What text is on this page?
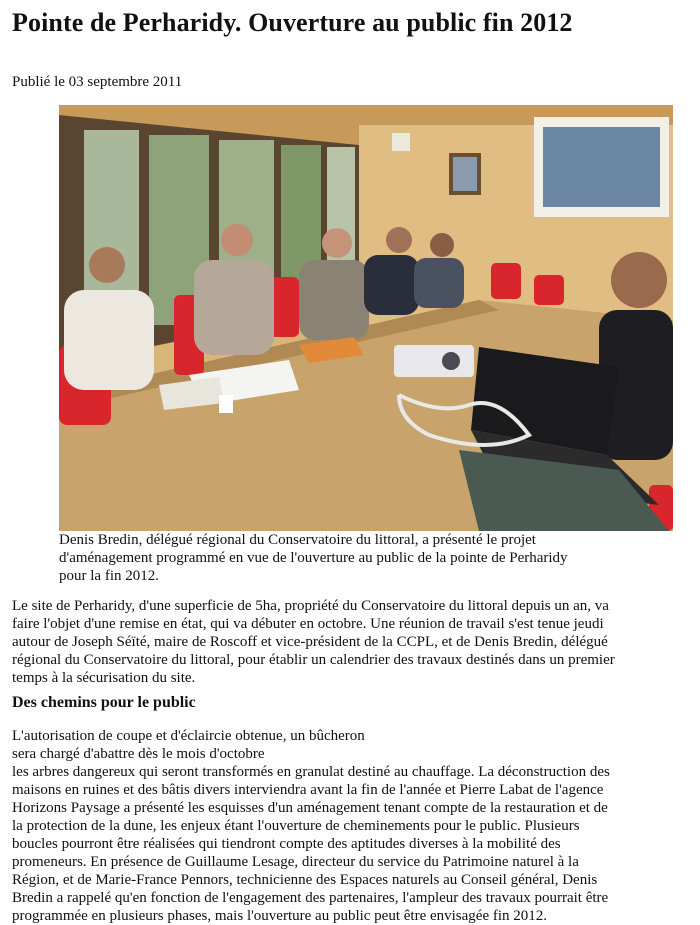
Pointe de Perharidy. Ouverture au public fin 2012
Publié le 03 septembre 2011
Denis Bredin, délégué régional du Conservatoire du littoral, a présenté le projet
d'aménagement programmé en vue de l'ouverture au public de la pointe de Perharidy
pour la fin 2012.
Le site de Perharidy, d'une superficie de 5ha, propriété du Conservatoire du littoral depuis un an, va
faire l'objet d'une remise en état, qui va débuter en octobre. Une réunion de travail s'est tenue jeudi
autour de Joseph Séïté, maire de Roscoff et vice-président de la CCPL, et de Denis Bredin, délégué
régional du Conservatoire du littoral, pour établir un calendrier des travaux destinés dans un premier
temps à la sécurisation du site.
Des chemins pour le public
L'autorisation de coupe et d'éclaircie obtenue, un bûcheron
sera chargé d'abattre dès le mois d'octobre
les arbres dangereux qui seront transformés en granulat destiné au chauffage. La déconstruction des
maisons en ruines et des bâtis divers interviendra avant la fin de l'année et Pierre Labat de l'agence
Horizons Paysage a présenté les esquisses d'un aménagement tenant compte de la restauration et de
la protection de la dune, les enjeux étant l'ouverture de cheminements pour le public. Plusieurs
boucles pourront être réalisées qui tiendront compte des aptitudes diverses à la mobilité des
promeneurs. En présence de Guillaume Lesage, directeur du service du Patrimoine naturel à la
Région, et de Marie-France Pennors, technicienne des Espaces naturels au Conseil général, Denis
Bredin a rappelé qu'en fonction de l'engagement des partenaires, l'ampleur des travaux pourrait être
programmée en plusieurs phases, mais l'ouverture au public peut être envisagée fin 2012.
